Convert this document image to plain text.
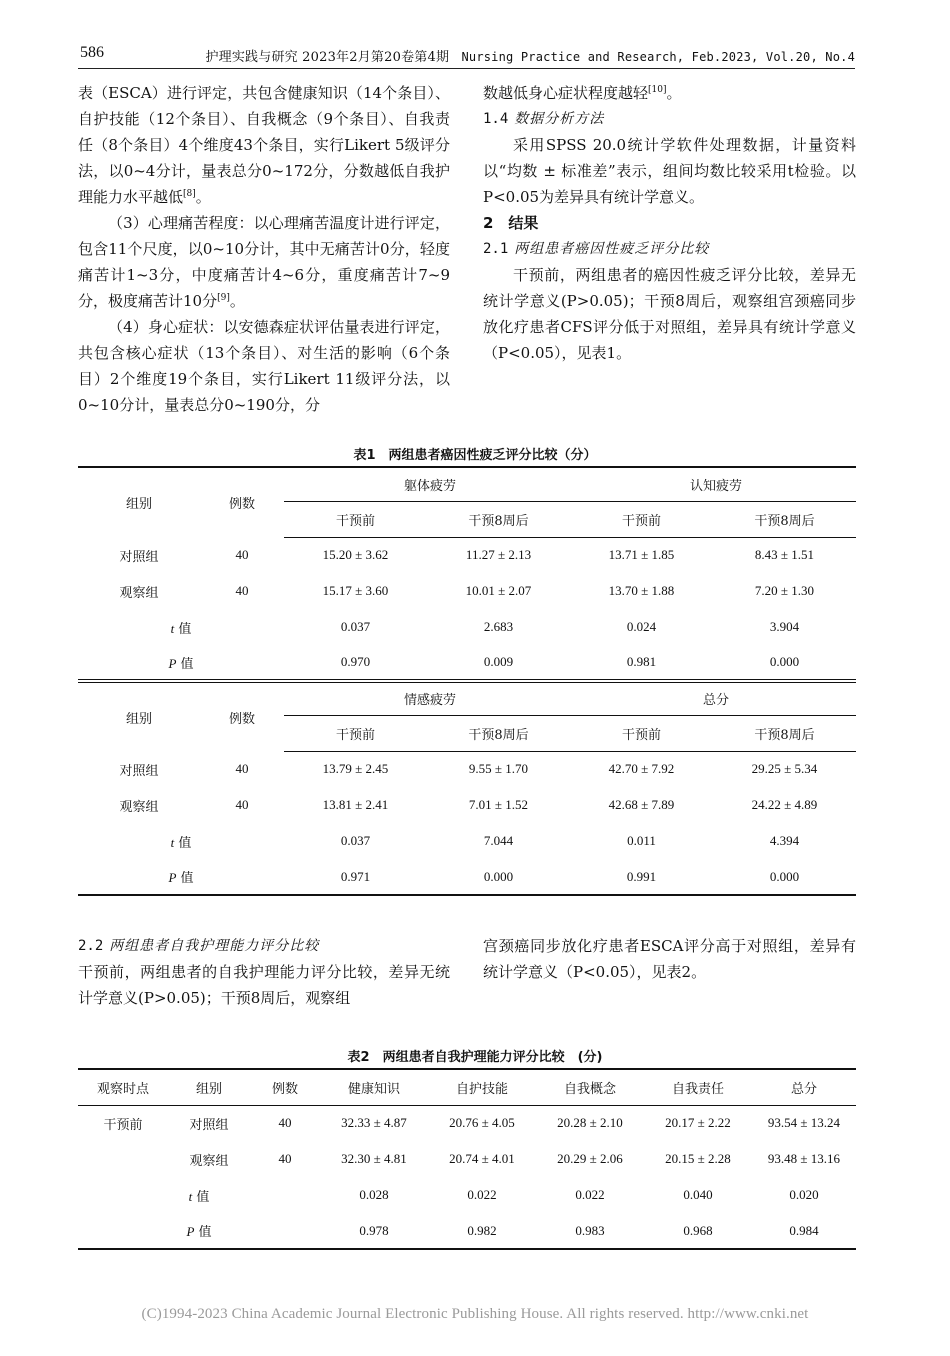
586	护理实践与研究 2023年2月第20卷第4期 Nursing Practice and Research, Feb.2023, Vol.20, No.4

表（ESCA）进行评定，共包含健康知识（14个条目）、自护技能（12个条目）、自我概念（9个条目）、自我责任（8个条目）4个维度43个条目，实行Likert 5级评分法，以0~4分计，量表总分0~172分，分数越低自我护理能力水平越低[8]。

（3）心理痛苦程度：以心理痛苦温度计进行评定，包含11个尺度，以0~10分计，其中无痛苦计0分，轻度痛苦计1~3分，中度痛苦计4~6分，重度痛苦计7~9分，极度痛苦计10分[9]。

（4）身心症状：以安德森症状评估量表进行评定，共包含核心症状（13个条目）、对生活的影响（6个条目）2个维度19个条目，实行Likert 11级评分法，以0~10分计，量表总分0~190分，分

数越低身心症状程度越轻[10]。

1.4 数据分析方法

采用SPSS 20.0统计学软件处理数据，计量资料以“均数 ± 标准差”表示，组间均数比较采用t检验。以P<0.05为差异具有统计学意义。

2　结果

2.1 两组患者癌因性疲乏评分比较

干预前，两组患者的癌因性疲乏评分比较，差异无统计学意义(P>0.05)；干预8周后，观察组宫颈癌同步放化疗患者CFS评分低于对照组，差异具有统计学意义（P<0.05），见表1。

表1　两组患者癌因性疲乏评分比较（分）
组别	例数	躯体疲劳		认知疲劳	
		干预前	干预8周后	干预前	干预8周后
对照组	40	15.20 ± 3.62	11.27 ± 2.13	13.71 ± 1.85	8.43 ± 1.51
观察组	40	15.17 ± 3.60	10.01 ± 2.07	13.70 ± 1.88	7.20 ± 1.30
t 值		0.037	2.683	0.024	3.904
P 值		0.970	0.009	0.981	0.000
组别	例数	情感疲劳		总分	
		干预前	干预8周后	干预前	干预8周后
对照组	40	13.79 ± 2.45	9.55 ± 1.70	42.70 ± 7.92	29.25 ± 5.34
观察组	40	13.81 ± 2.41	7.01 ± 1.52	42.68 ± 7.89	24.22 ± 4.89
t 值		0.037	7.044	0.011	4.394
P 值		0.971	0.000	0.991	0.000

2.2 两组患者自我护理能力评分比较

干预前，两组患者的自我护理能力评分比较，差异无统计学意义(P>0.05)；干预8周后，观察组

宫颈癌同步放化疗患者ESCA评分高于对照组，差异有统计学意义（P<0.05），见表2。

表2　两组患者自我护理能力评分比较　(分)
观察时点	组别	例数	健康知识	自护技能	自我概念	自我责任	总分
干预前	对照组	40	32.33 ± 4.87	20.76 ± 4.05	20.28 ± 2.10	20.17 ± 2.22	93.54 ± 13.24
	观察组	40	32.30 ± 4.81	20.74 ± 4.01	20.29 ± 2.06	20.15 ± 2.28	93.48 ± 13.16
t 值			0.028	0.022	0.022	0.040	0.020
P 值			0.978	0.982	0.983	0.968	0.984
(C)1994-2023 China Academic Journal Electronic Publishing House. All rights reserved. http://www.cnki.net
